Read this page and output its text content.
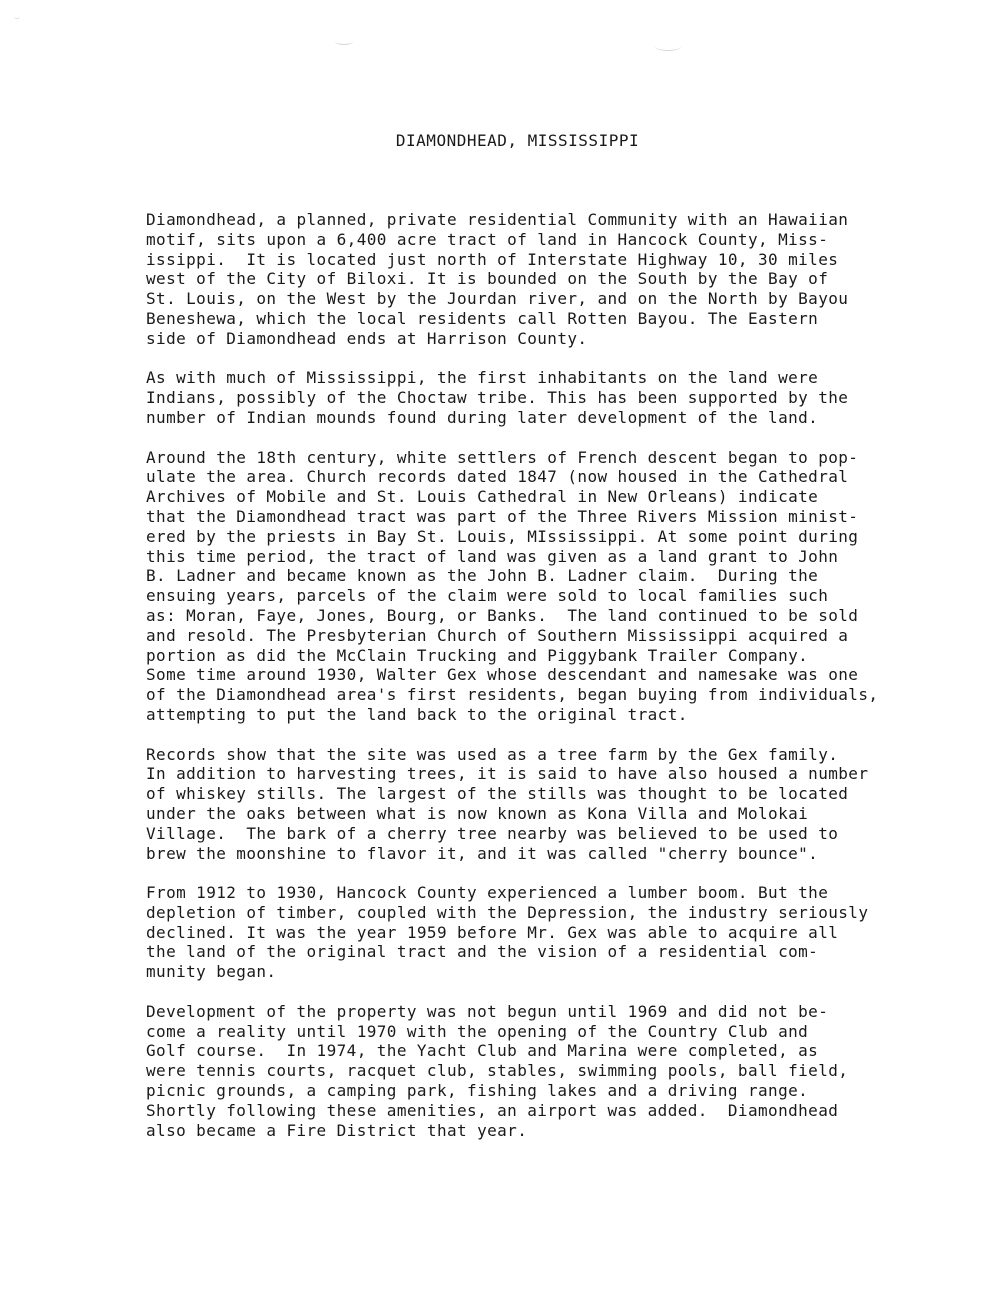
DIAMONDHEAD, MISSISSIPPI
Diamondhead, a planned, private residential Community with an Hawaiian
motif, sits upon a 6,400 acre tract of land in Hancock County, Miss-
issippi.  It is located just north of Interstate Highway 10, 30 miles
west of the City of Biloxi. It is bounded on the South by the Bay of
St. Louis, on the West by the Jourdan river, and on the North by Bayou
Beneshewa, which the local residents call Rotten Bayou. The Eastern
side of Diamondhead ends at Harrison County.
As with much of Mississippi, the first inhabitants on the land were
Indians, possibly of the Choctaw tribe. This has been supported by the
number of Indian mounds found during later development of the land.
Around the 18th century, white settlers of French descent began to pop-
ulate the area. Church records dated 1847 (now housed in the Cathedral
Archives of Mobile and St. Louis Cathedral in New Orleans) indicate
that the Diamondhead tract was part of the Three Rivers Mission minist-
ered by the priests in Bay St. Louis, MIssissippi. At some point during
this time period, the tract of land was given as a land grant to John
B. Ladner and became known as the John B. Ladner claim.  During the
ensuing years, parcels of the claim were sold to local families such
as: Moran, Faye, Jones, Bourg, or Banks.  The land continued to be sold
and resold. The Presbyterian Church of Southern Mississippi acquired a
portion as did the McClain Trucking and Piggybank Trailer Company.
Some time around 1930, Walter Gex whose descendant and namesake was one
of the Diamondhead area's first residents, began buying from individuals,
attempting to put the land back to the original tract.
Records show that the site was used as a tree farm by the Gex family.
In addition to harvesting trees, it is said to have also housed a number
of whiskey stills. The largest of the stills was thought to be located
under the oaks between what is now known as Kona Villa and Molokai
Village.  The bark of a cherry tree nearby was believed to be used to
brew the moonshine to flavor it, and it was called "cherry bounce".
From 1912 to 1930, Hancock County experienced a lumber boom. But the
depletion of timber, coupled with the Depression, the industry seriously
declined. It was the year 1959 before Mr. Gex was able to acquire all
the land of the original tract and the vision of a residential com-
munity began.
Development of the property was not begun until 1969 and did not be-
come a reality until 1970 with the opening of the Country Club and
Golf course.  In 1974, the Yacht Club and Marina were completed, as
were tennis courts, racquet club, stables, swimming pools, ball field,
picnic grounds, a camping park, fishing lakes and a driving range.
Shortly following these amenities, an airport was added.  Diamondhead
also became a Fire District that year.
